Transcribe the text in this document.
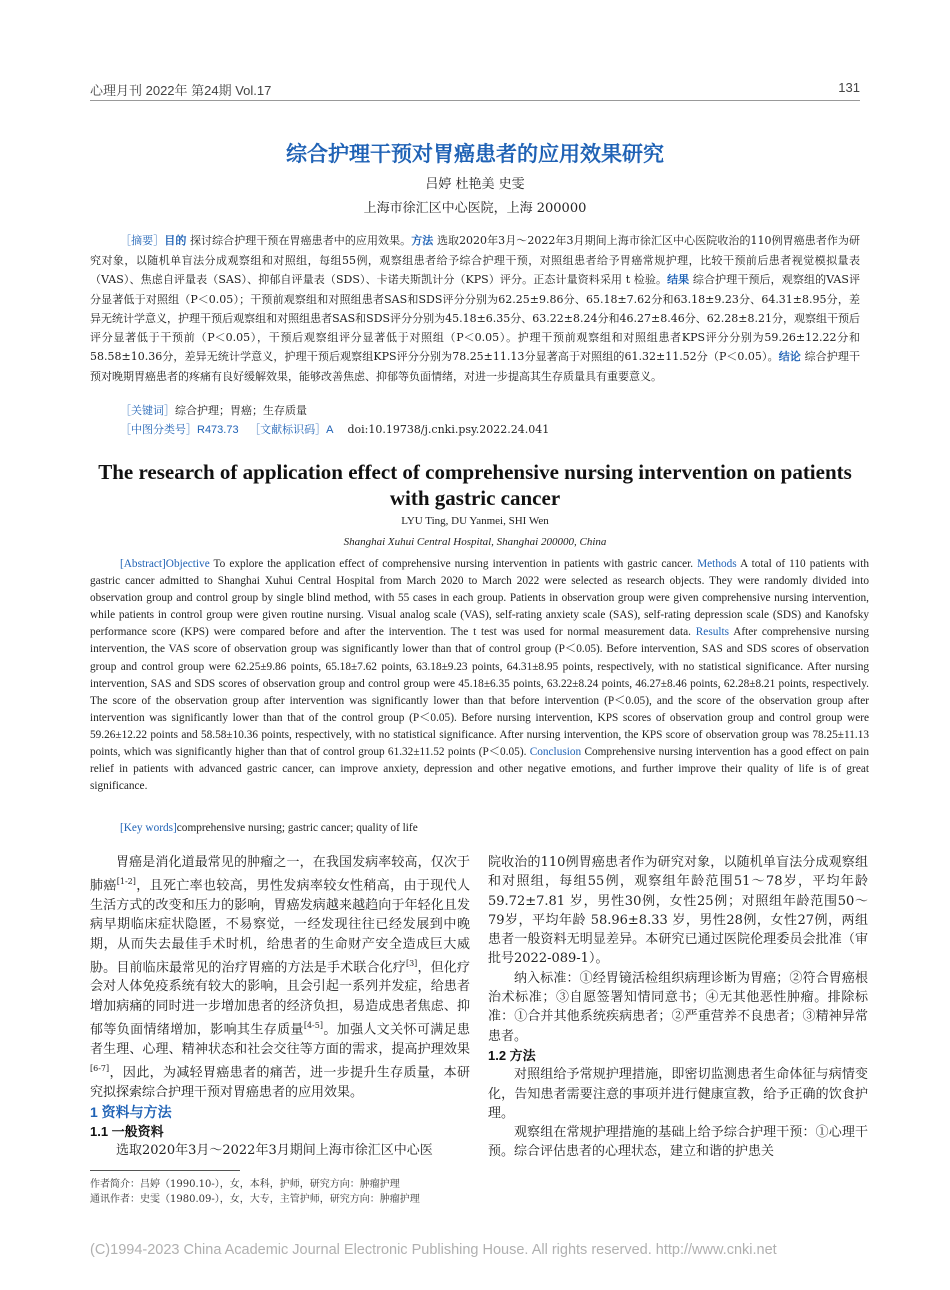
心理月刊 2022年 第24期 Vol.17	131
综合护理干预对胃癌患者的应用效果研究
吕婷 杜艳美 史雯
上海市徐汇区中心医院，上海 200000
［摘要］目的 探讨综合护理干预在胃癌患者中的应用效果。方法 选取2020年3月～2022年3月期间上海市徐汇区中心医院收治的110例胃癌患者作为研究对象，以随机单盲法分成观察组和对照组，每组55例，观察组患者给予综合护理干预，对照组患者给予胃癌常规护理，比较干预前后患者视觉模拟量表（VAS）、焦虑自评量表（SAS）、抑郁自评量表（SDS）、卡诺夫斯凯计分（KPS）评分。正态计量资料采用 t 检验。结果 综合护理干预后，观察组的VAS评分显著低于对照组（P＜0.05）；干预前观察组和对照组患者SAS和SDS评分分别为62.25±9.86分、65.18±7.62分和63.18±9.23分、64.31±8.95分，差异无统计学意义，护理干预后观察组和对照组患者SAS和SDS评分分别为45.18±6.35分、63.22±8.24分和46.27±8.46分、62.28±8.21分，观察组干预后评分显著低于干预前（P＜0.05），干预后观察组评分显著低于对照组（P＜0.05）。护理干预前观察组和对照组患者KPS评分分别为59.26±12.22分和58.58±10.36分，差异无统计学意义，护理干预后观察组KPS评分分别为78.25±11.13分显著高于对照组的61.32±11.52分（P＜0.05）。结论 综合护理干预对晚期胃癌患者的疼痛有良好缓解效果，能够改善焦虑、抑郁等负面情绪，对进一步提高其生存质量具有重要意义。
［关键词］综合护理；胃癌；生存质量
［中图分类号］R473.73 ［文献标识码］A doi:10.19738/j.cnki.psy.2022.24.041
The research of application effect of comprehensive nursing intervention on patients with gastric cancer
LYU Ting, DU Yanmei, SHI Wen
Shanghai Xuhui Central Hospital, Shanghai 200000, China
[Abstract]Objective To explore the application effect of comprehensive nursing intervention in patients with gastric cancer. Methods A total of 110 patients with gastric cancer admitted to Shanghai Xuhui Central Hospital from March 2020 to March 2022 were selected as research objects. They were randomly divided into observation group and control group by single blind method, with 55 cases in each group. Patients in observation group were given comprehensive nursing intervention, while patients in control group were given routine nursing. Visual analog scale (VAS), self-rating anxiety scale (SAS), self-rating depression scale (SDS) and Kanofsky performance score (KPS) were compared before and after the intervention. The t test was used for normal measurement data. Results After comprehensive nursing intervention, the VAS score of observation group was significantly lower than that of control group (P＜0.05). Before intervention, SAS and SDS scores of observation group and control group were 62.25±9.86 points, 65.18±7.62 points, 63.18±9.23 points, 64.31±8.95 points, respectively, with no statistical significance. After nursing intervention, SAS and SDS scores of observation group and control group were 45.18±6.35 points, 63.22±8.24 points, 46.27±8.46 points, 62.28±8.21 points, respectively. The score of the observation group after intervention was significantly lower than that before intervention (P＜0.05), and the score of the observation group after intervention was significantly lower than that of the control group (P＜0.05). Before nursing intervention, KPS scores of observation group and control group were 59.26±12.22 points and 58.58±10.36 points, respectively, with no statistical significance. After nursing intervention, the KPS score of observation group was 78.25±11.13 points, which was significantly higher than that of control group 61.32±11.52 points (P＜0.05). Conclusion Comprehensive nursing intervention has a good effect on pain relief in patients with advanced gastric cancer, can improve anxiety, depression and other negative emotions, and further improve their quality of life is of great significance.
[Key words]comprehensive nursing; gastric cancer; quality of life

胃癌是消化道最常见的肿瘤之一，在我国发病率较高，仅次于肺癌[1-2]，且死亡率也较高，男性发病率较女性稍高，由于现代人生活方式的改变和压力的影响，胃癌发病越来越趋向于年轻化且发病早期临床症状隐匿，不易察觉，一经发现往往已经发展到中晚期，从而失去最佳手术时机，给患者的生命财产安全造成巨大威胁。目前临床最常见的治疗胃癌的方法是手术联合化疗[3]，但化疗会对人体免疫系统有较大的影响，且会引起一系列并发症，给患者增加病痛的同时进一步增加患者的经济负担，易造成患者焦虑、抑郁等负面情绪增加，影响其生存质量[4-5]。加强人文关怀可满足患者生理、心理、精神状态和社会交往等方面的需求，提高护理效果[6-7]，因此，为减轻胃癌患者的痛苦，进一步提升生存质量，本研究拟探索综合护理干预对胃癌患者的应用效果。

1 资料与方法
1.1 一般资料

选取2020年3月～2022年3月期间上海市徐汇区中心医

院收治的110例胃癌患者作为研究对象，以随机单盲法分成观察组和对照组，每组55例，观察组年龄范围51～78岁，平均年龄 59.72±7.81 岁，男性30例，女性25例；对照组年龄范围50～79岁，平均年龄 58.96±8.33 岁，男性28例，女性27例，两组患者一般资料无明显差异。本研究已通过医院伦理委员会批准（审批号2022-089-1）。

纳入标准：①经胃镜活检组织病理诊断为胃癌；②符合胃癌根治术标准；③自愿签署知情同意书；④无其他恶性肿瘤。排除标准：①合并其他系统疾病患者；②严重营养不良患者；③精神异常患者。

1.2 方法

对照组给予常规护理措施，即密切监测患者生命体征与病情变化，告知患者需要注意的事项并进行健康宣教，给予正确的饮食护理。

观察组在常规护理措施的基础上给予综合护理干预：①心理干预。综合评估患者的心理状态，建立和谐的护患关

作者简介：吕婷（1990.10-），女，本科，护师，研究方向：肿瘤护理
通讯作者：史雯（1980.09-），女，大专，主管护师，研究方向：肿瘤护理
(C)1994-2023 China Academic Journal Electronic Publishing House. All rights reserved. http://www.cnki.net
